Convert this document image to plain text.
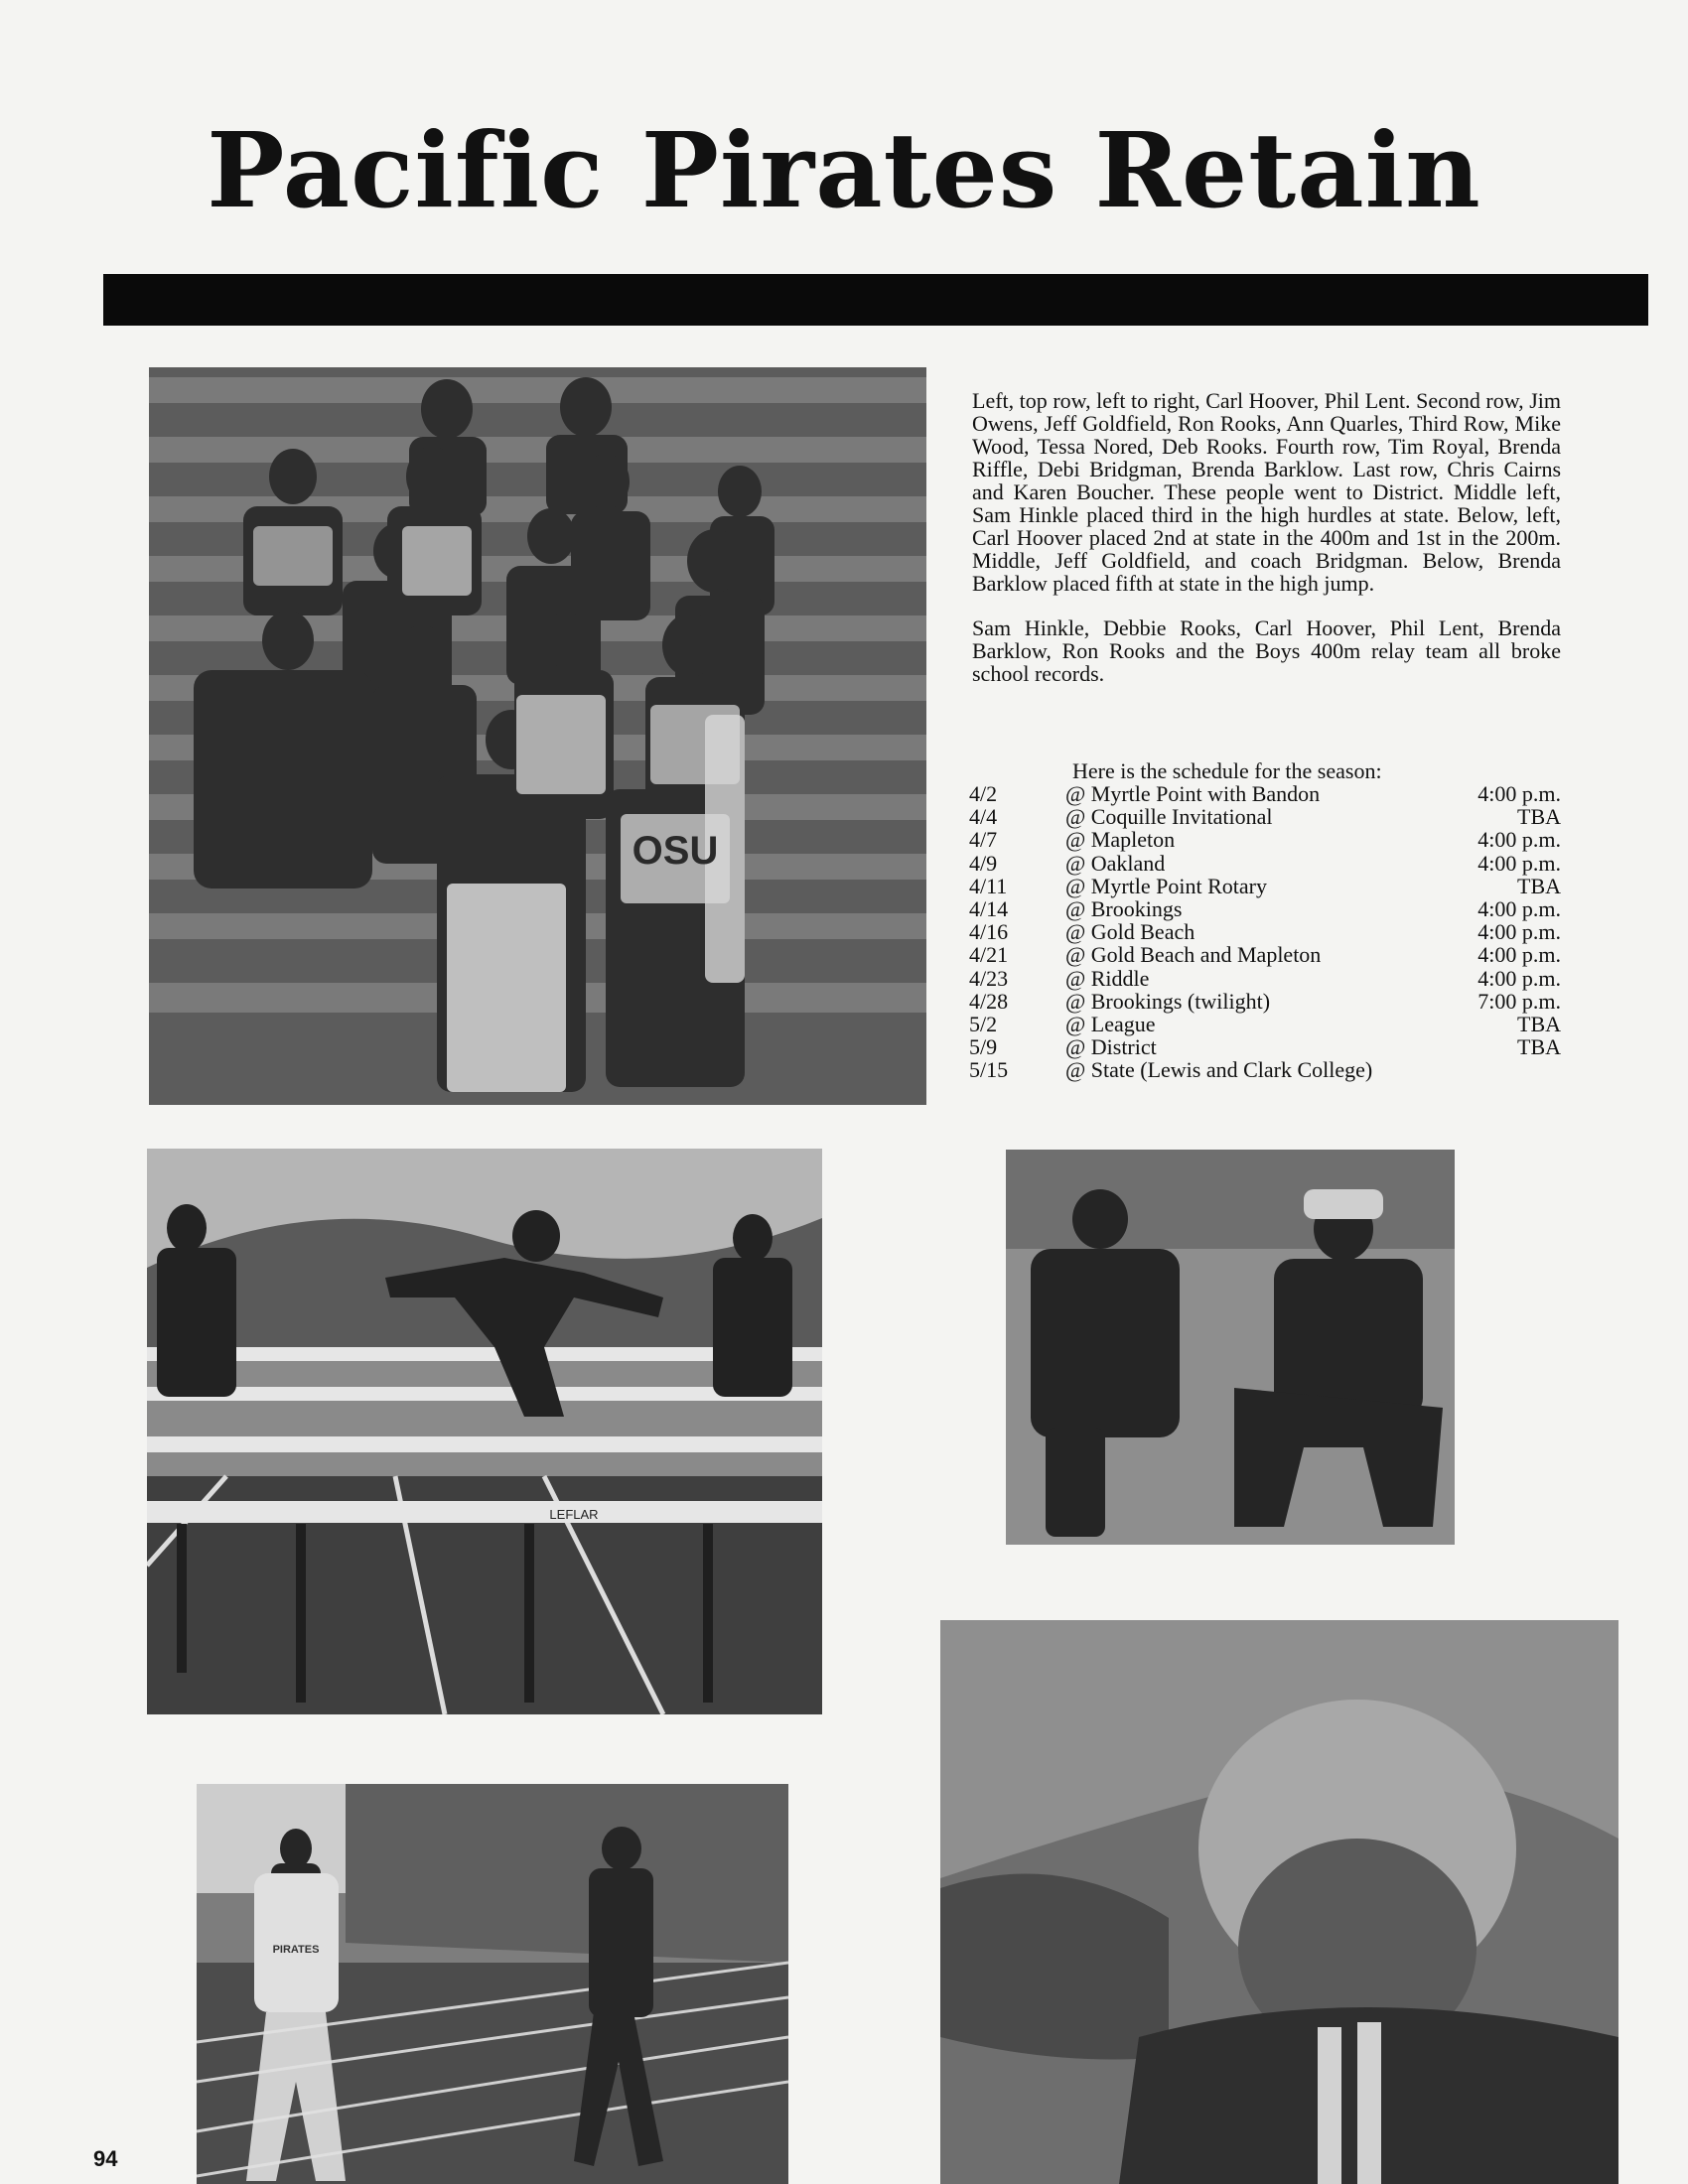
Pacific Pirates Retain
OSU

Left, top row, left to right, Carl Hoover, Phil Lent. Second row, Jim Owens, Jeff Goldfield, Ron Rooks, Ann Quarles, Third Row, Mike Wood, Tessa Nored, Deb Rooks. Fourth row, Tim Royal, Brenda Riffle, Debi Bridgman, Brenda Barklow. Last row, Chris Cairns and Karen Boucher. These people went to District. Middle left, Sam Hinkle placed third in the high hurdles at state. Below, left, Carl Hoover placed 2nd at state in the 400m and 1st in the 200m. Middle, Jeff Goldfield, and coach Bridgman. Below, Brenda Barklow placed fifth at state in the high jump.

Sam Hinkle, Debbie Rooks, Carl Hoover, Phil Lent, Brenda Barklow, Ron Rooks and the Boys 400m relay team all broke school records.

Here is the schedule for the season:
4/2	@ Myrtle Point with Bandon	4:00 p.m.
4/4	@ Coquille Invitational	TBA
4/7	@ Mapleton	4:00 p.m.
4/9	@ Oakland	4:00 p.m.
4/11	@ Myrtle Point Rotary	TBA
4/14	@ Brookings	4:00 p.m.
4/16	@ Gold Beach	4:00 p.m.
4/21	@ Gold Beach and Mapleton	4:00 p.m.
4/23	@ Riddle	4:00 p.m.
4/28	@ Brookings (twilight)	7:00 p.m.
5/2	@ League	TBA
5/9	@ District	TBA
5/15	@ State (Lewis and Clark College)
LEFLAR
PIRATES
94
